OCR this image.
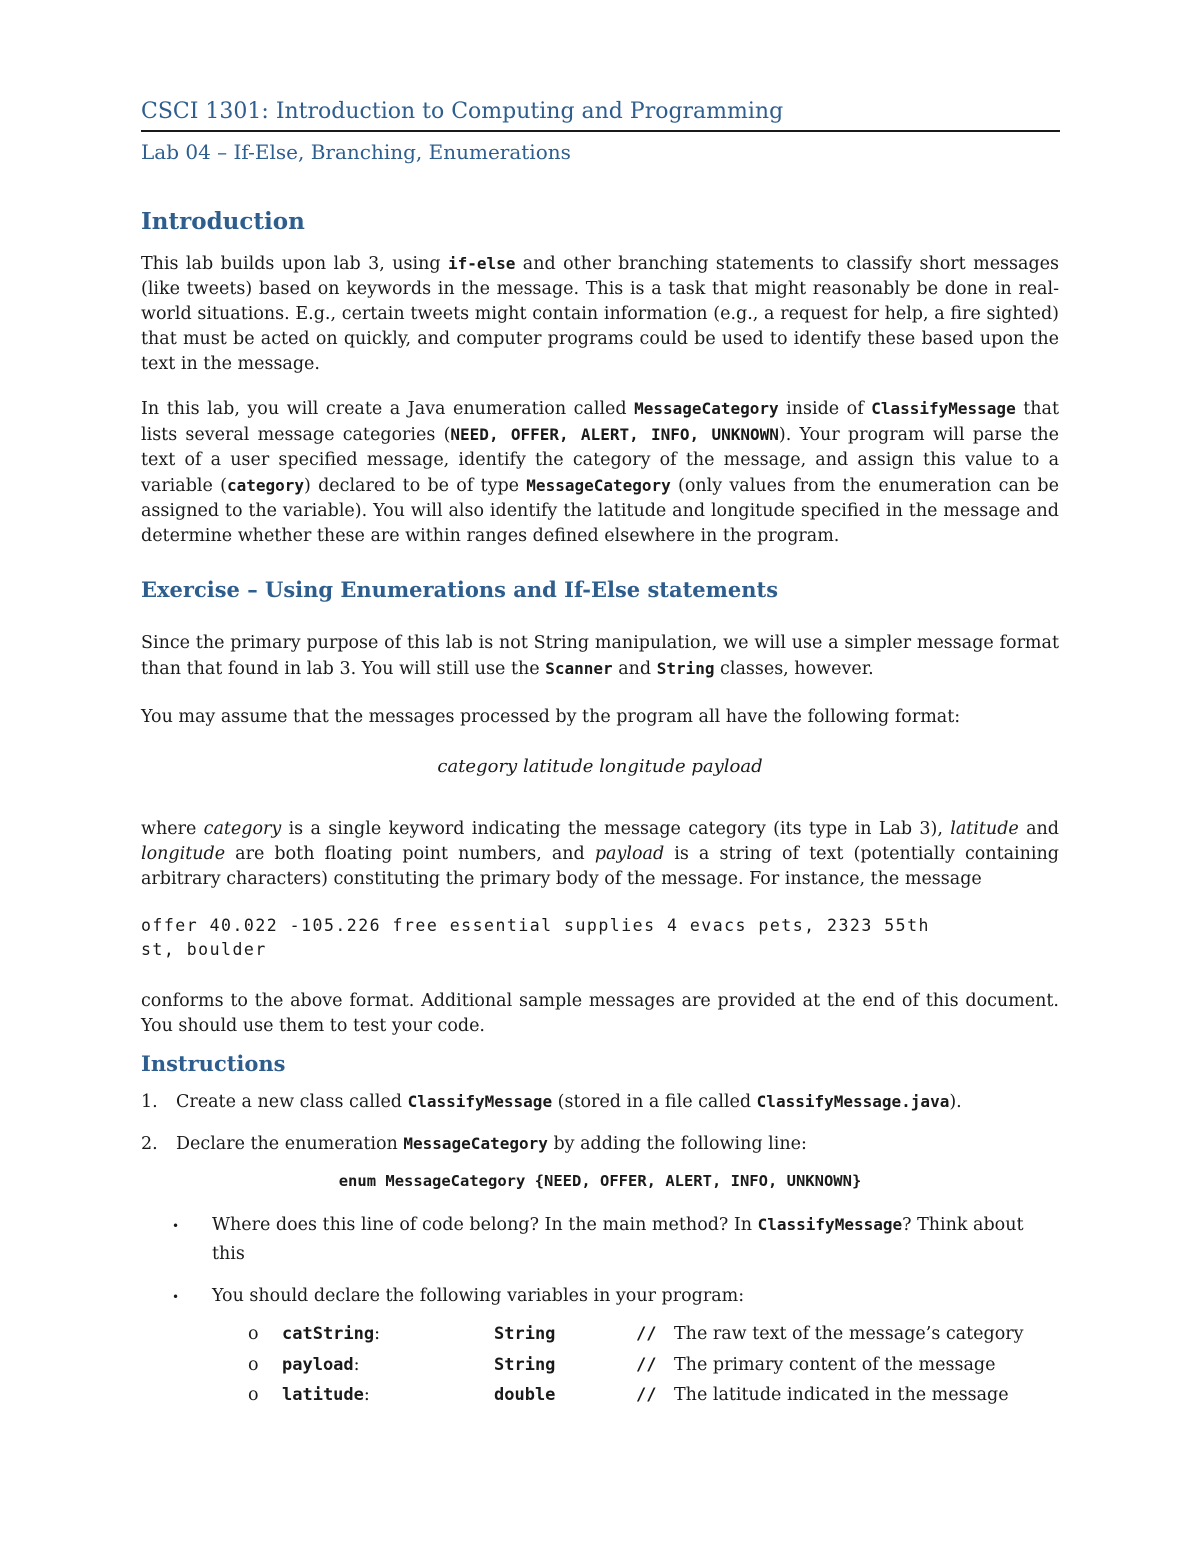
CSCI 1301: Introduction to Computing and Programming
Lab 04 – If-Else, Branching, Enumerations
Introduction
This lab builds upon lab 3, using if-else and other branching statements to classify short messages (like tweets) based on keywords in the message. This is a task that might reasonably be done in real-world situations. E.g., certain tweets might contain information (e.g., a request for help, a fire sighted) that must be acted on quickly, and computer programs could be used to identify these based upon the text in the message.
In this lab, you will create a Java enumeration called MessageCategory inside of ClassifyMessage that lists several message categories (NEED, OFFER, ALERT, INFO, UNKNOWN). Your program will parse the text of a user specified message, identify the category of the message, and assign this value to a variable (category) declared to be of type MessageCategory (only values from the enumeration can be assigned to the variable). You will also identify the latitude and longitude specified in the message and determine whether these are within ranges defined elsewhere in the program.
Exercise – Using Enumerations and If-Else statements
Since the primary purpose of this lab is not String manipulation, we will use a simpler message format than that found in lab 3. You will still use the Scanner and String classes, however.
You may assume that the messages processed by the program all have the following format:
category latitude longitude payload
where category is a single keyword indicating the message category (its type in Lab 3), latitude and longitude are both floating point numbers, and payload is a string of text (potentially containing arbitrary characters) constituting the primary body of the message. For instance, the message
offer 40.022 -105.226 free essential supplies 4 evacs pets, 2323 55th
st, boulder
conforms to the above format. Additional sample messages are provided at the end of this document. You should use them to test your code.
Instructions
1. Create a new class called ClassifyMessage (stored in a file called ClassifyMessage.java).
2. Declare the enumeration MessageCategory by adding the following line:
enum MessageCategory {NEED, OFFER, ALERT, INFO, UNKNOWN}
• Where does this line of code belong? In the main method? In ClassifyMessage? Think about
this
• You should declare the following variables in your program:
o catString:	String	// The raw text of the message’s category
o payload:	String	// The primary content of the message
o latitude:	double	// The latitude indicated in the message
